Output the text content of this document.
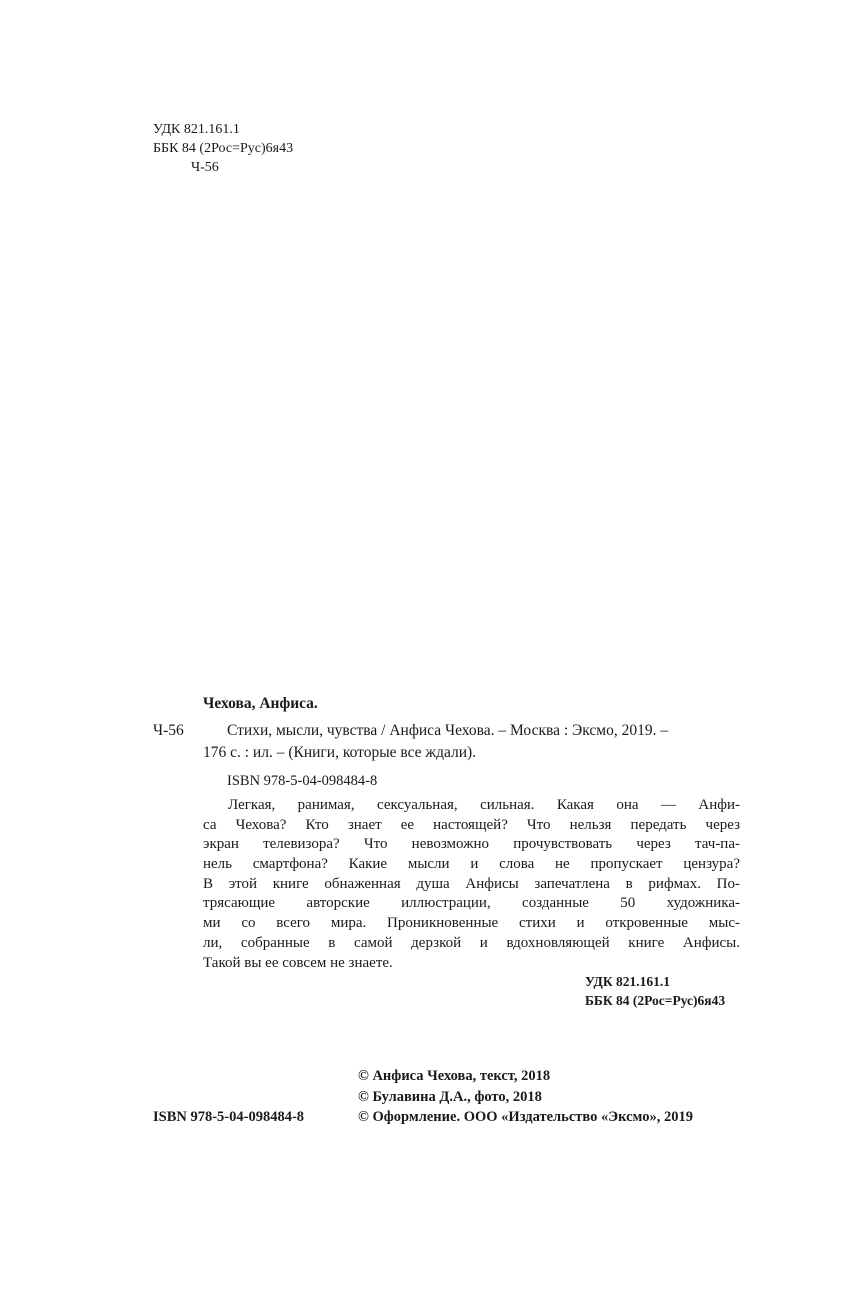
УДК 821.161.1
ББК 84 (2Рос=Рус)6я43
Ч-56
Чехова, Анфиса.
Ч-56	Стихи, мысли, чувства / Анфиса Чехова. – Москва : Эксмо, 2019. –
176 с. : ил. – (Книги, которые все ждали).
ISBN 978-5-04-098484-8
Легкая, ранимая, сексуальная, сильная. Какая она — Анфи-
са Чехова? Кто знает ее настоящей? Что нельзя передать через
экран телевизора? Что невозможно прочувствовать через тач-па-
нель смартфона? Какие мысли и слова не пропускает цензура?
В этой книге обнаженная душа Анфисы запечатлена в рифмах. По-
трясающие авторские иллюстрации, созданные 50 художника-
ми со всего мира. Проникновенные стихи и откровенные мыс-
ли, собранные в самой дерзкой и вдохновляющей книге Анфисы.
Такой вы ее совсем не знаете.
УДК 821.161.1
ББК 84 (2Рос=Рус)6я43
ISBN 978-5-04-098484-8
© Анфиса Чехова, текст, 2018
© Булавина Д.А., фото, 2018
© Оформление. ООО «Издательство «Эксмо», 2019
